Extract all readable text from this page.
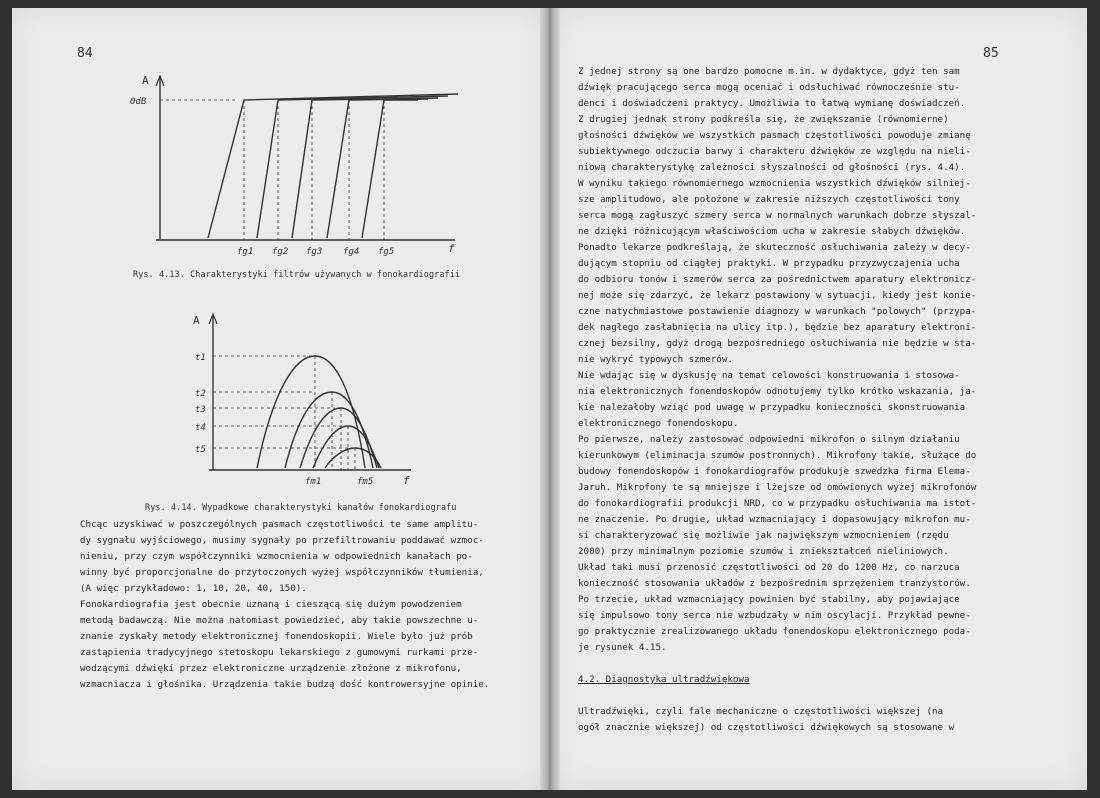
84
A
0dB
fg1 fg2 fg3 fg4 fg5	f
Rys. 4.13. Charakterystyki filtrów używanych w fonokardiografii
A
t1
t2
t3
t4
t5
fm1	fm5	f
Rys. 4.14. Wypadkowe charakterystyki kanałów fonokardiografu
Chcąc uzyskiwać w poszczególnych pasmach częstotliwości te same amplitu-
dy sygnału wyjściowego, musimy sygnały po przefiltrowaniu poddawać wzmoc-
nieniu, przy czym współczynniki wzmocnienia w odpowiednich kanałach po-
winny być proporcjonalne do przytoczonych wyżej współczynników tłumienia,
(A więc przykładowo: 1, 10, 20, 40, 150).
Fonokardiografia jest obecnie uznaną i cieszącą się dużym powodzeniem
metodą badawczą. Nie można natomiast powiedzieć, aby takie powszechne u-
znanie zyskały metody elektronicznej fonendoskopii. Wiele było już prób
zastąpienia tradycyjnego stetoskopu lekarskiego z gumowymi rurkami prze-
wodzącymi dźwięki przez elektroniczne urządzenie złożone z mikrofonu,
wzmacniacza i głośnika. Urządzenia takie budzą dość kontrowersyjne opinie.
85
Z jednej strony są one bardzo pomocne m.in. w dydaktyce, gdyż ten sam
dźwięk pracującego serca mogą oceniać i odsłuchiwać równocześnie stu-
denci i doświadczeni praktycy. Umożliwia to łatwą wymianę doświadczeń.
Z drugiej jednak strony podkreśla się, że zwiększanie (równomierne)
głośności dźwięków we wszystkich pasmach częstotliwości powoduje zmianę
subiektywnego odczucia barwy i charakteru dźwięków ze względu na nieli-
niową charakterystykę zależności słyszalności od głośności (rys. 4.4).
W wyniku takiego równomiernego wzmocnienia wszystkich dźwięków silniej-
sze amplitudowo, ale położone w zakresie niższych częstotliwości tony
serca mogą zagłuszyć szmery serca w normalnych warunkach dobrze słyszal-
ne dzięki różnicującym właściwościom ucha w zakresie słabych dźwięków.
Ponadto lekarze podkreślają, że skuteczność osłuchiwania zależy w decy-
dującym stopniu od ciągłej praktyki. W przypadku przyzwyczajenia ucha
do odbioru tonów i szmerów serca za pośrednictwem aparatury elektronicz-
nej może się zdarzyć, że lekarz postawiony w sytuacji, kiedy jest konie-
czne natychmiastowe postawienie diagnozy w warunkach "polowych" (przypa-
dek nagłego zasłabnięcia na ulicy itp.), będzie bez aparatury elektroni-
cznej bezsilny, gdyż drogą bezpośredniego osłuchiwania nie będzie w sta-
nie wykryć typowych szmerów.
Nie wdając się w dyskusję na temat celowości konstruowania i stosowa-
nia elektronicznych fonendoskopów odnotujemy tylko krótko wskazania, ja-
kie należałoby wziąć pod uwagę w przypadku konieczności skonstruowania
elektronicznego fonendoskopu.
Po pierwsze, należy zastosować odpowiedni mikrofon o silnym działaniu
kierunkowym (eliminacja szumów postronnych). Mikrofony takie, służące do
budowy fonendoskopów i fonokardiografów produkuje szwedzka firma Elema-
Jaruh. Mikrofony te są mniejsze i lżejsze od omówionych wyżej mikrofonów
do fonokardiografii produkcji NRD, co w przypadku osłuchiwania ma istot-
ne znaczenie. Po drugie, układ wzmacniający i dopasowujący mikrofon mu-
si charakteryzować się możliwie jak największym wzmocnieniem (rzędu
2000) przy minimalnym poziomie szumów i zniekształceń nieliniowych.
Układ taki musi przenosić częstotliwości od 20 do 1200 Hz, co narzuca
konieczność stosowania układów z bezpośrednim sprzężeniem tranzystorów.
Po trzecie, układ wzmacniający powinien być stabilny, aby pojawiające
się impulsowo tony serca nie wzbudzały w nim oscylacji. Przykład pewne-
go praktycznie zrealizowanego układu fonendoskopu elektronicznego poda-
je rysunek 4.15.
4.2. Diagnostyka ultradźwiękowa
Ultradźwięki, czyli fale mechaniczne o częstotliwości większej (na
ogół znacznie większej) od częstotliwości dźwiękowych są stosowane w
